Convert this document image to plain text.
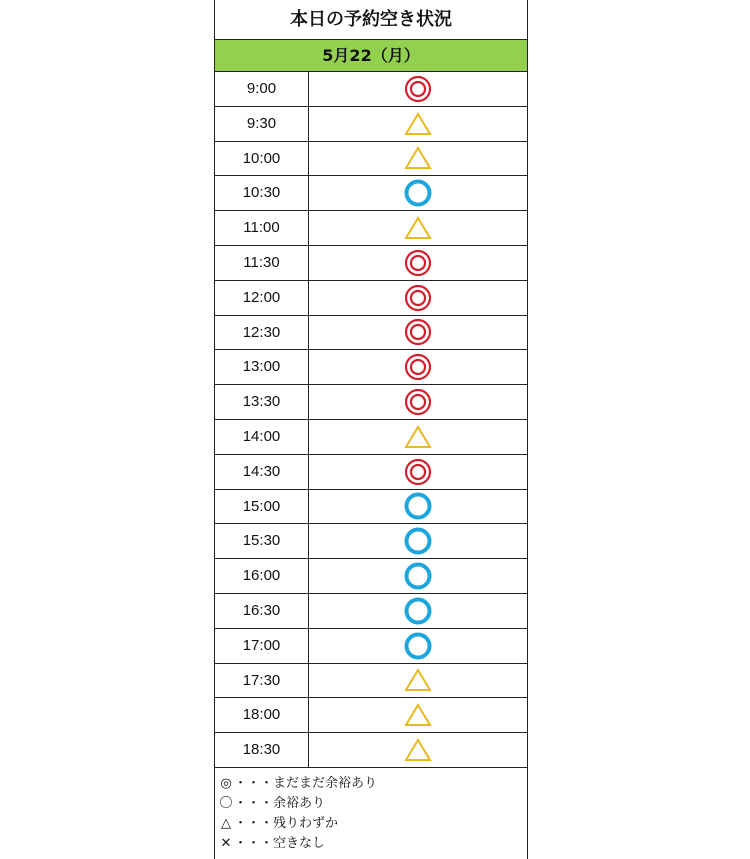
本日の予約空き状況
5月22（月）
9:00
9:30
10:00
10:30
11:00
11:30
12:00
12:30
13:00
13:30
14:00
14:30
15:00
15:30
16:00
16:30
17:00
17:30
18:00
18:30
◎ ・・・まだまだ余裕あり
〇 ・・・余裕あり
△ ・・・残りわずか
✕ ・・・空きなし
